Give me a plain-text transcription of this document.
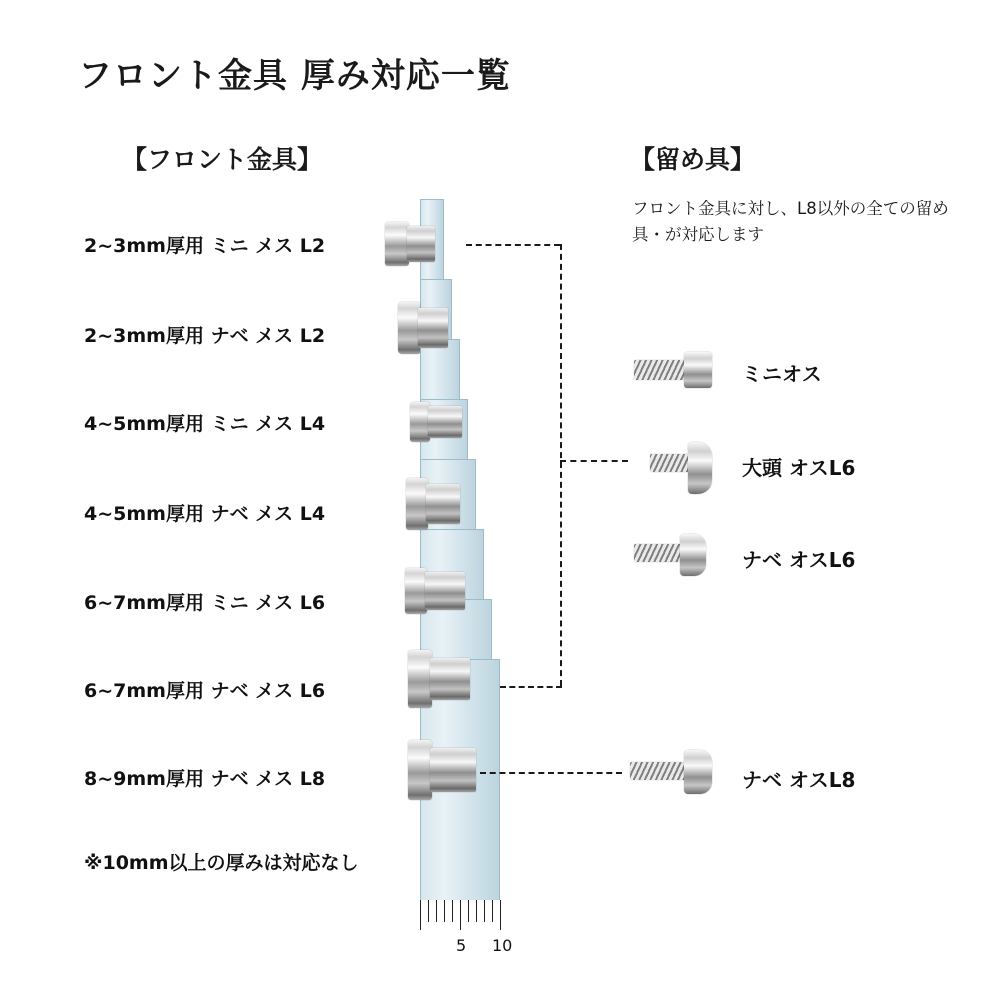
フロント金具 厚み対応一覧
【フロント金具】	【留め具】
フロント金具に対し、L8以外の全ての留め具・が対応します
2~3mm厚用 ミニ メス L2
2~3mm厚用 ナベ メス L2
4~5mm厚用 ミニ メス L4
4~5mm厚用 ナベ メス L4
6~7mm厚用 ミニ メス L6
6~7mm厚用 ナベ メス L6
8~9mm厚用 ナベ メス L8
※10mm以上の厚みは対応なし
5 10
ミニオス
大頭 オスL6
ナベ オスL6
ナベ オスL8
